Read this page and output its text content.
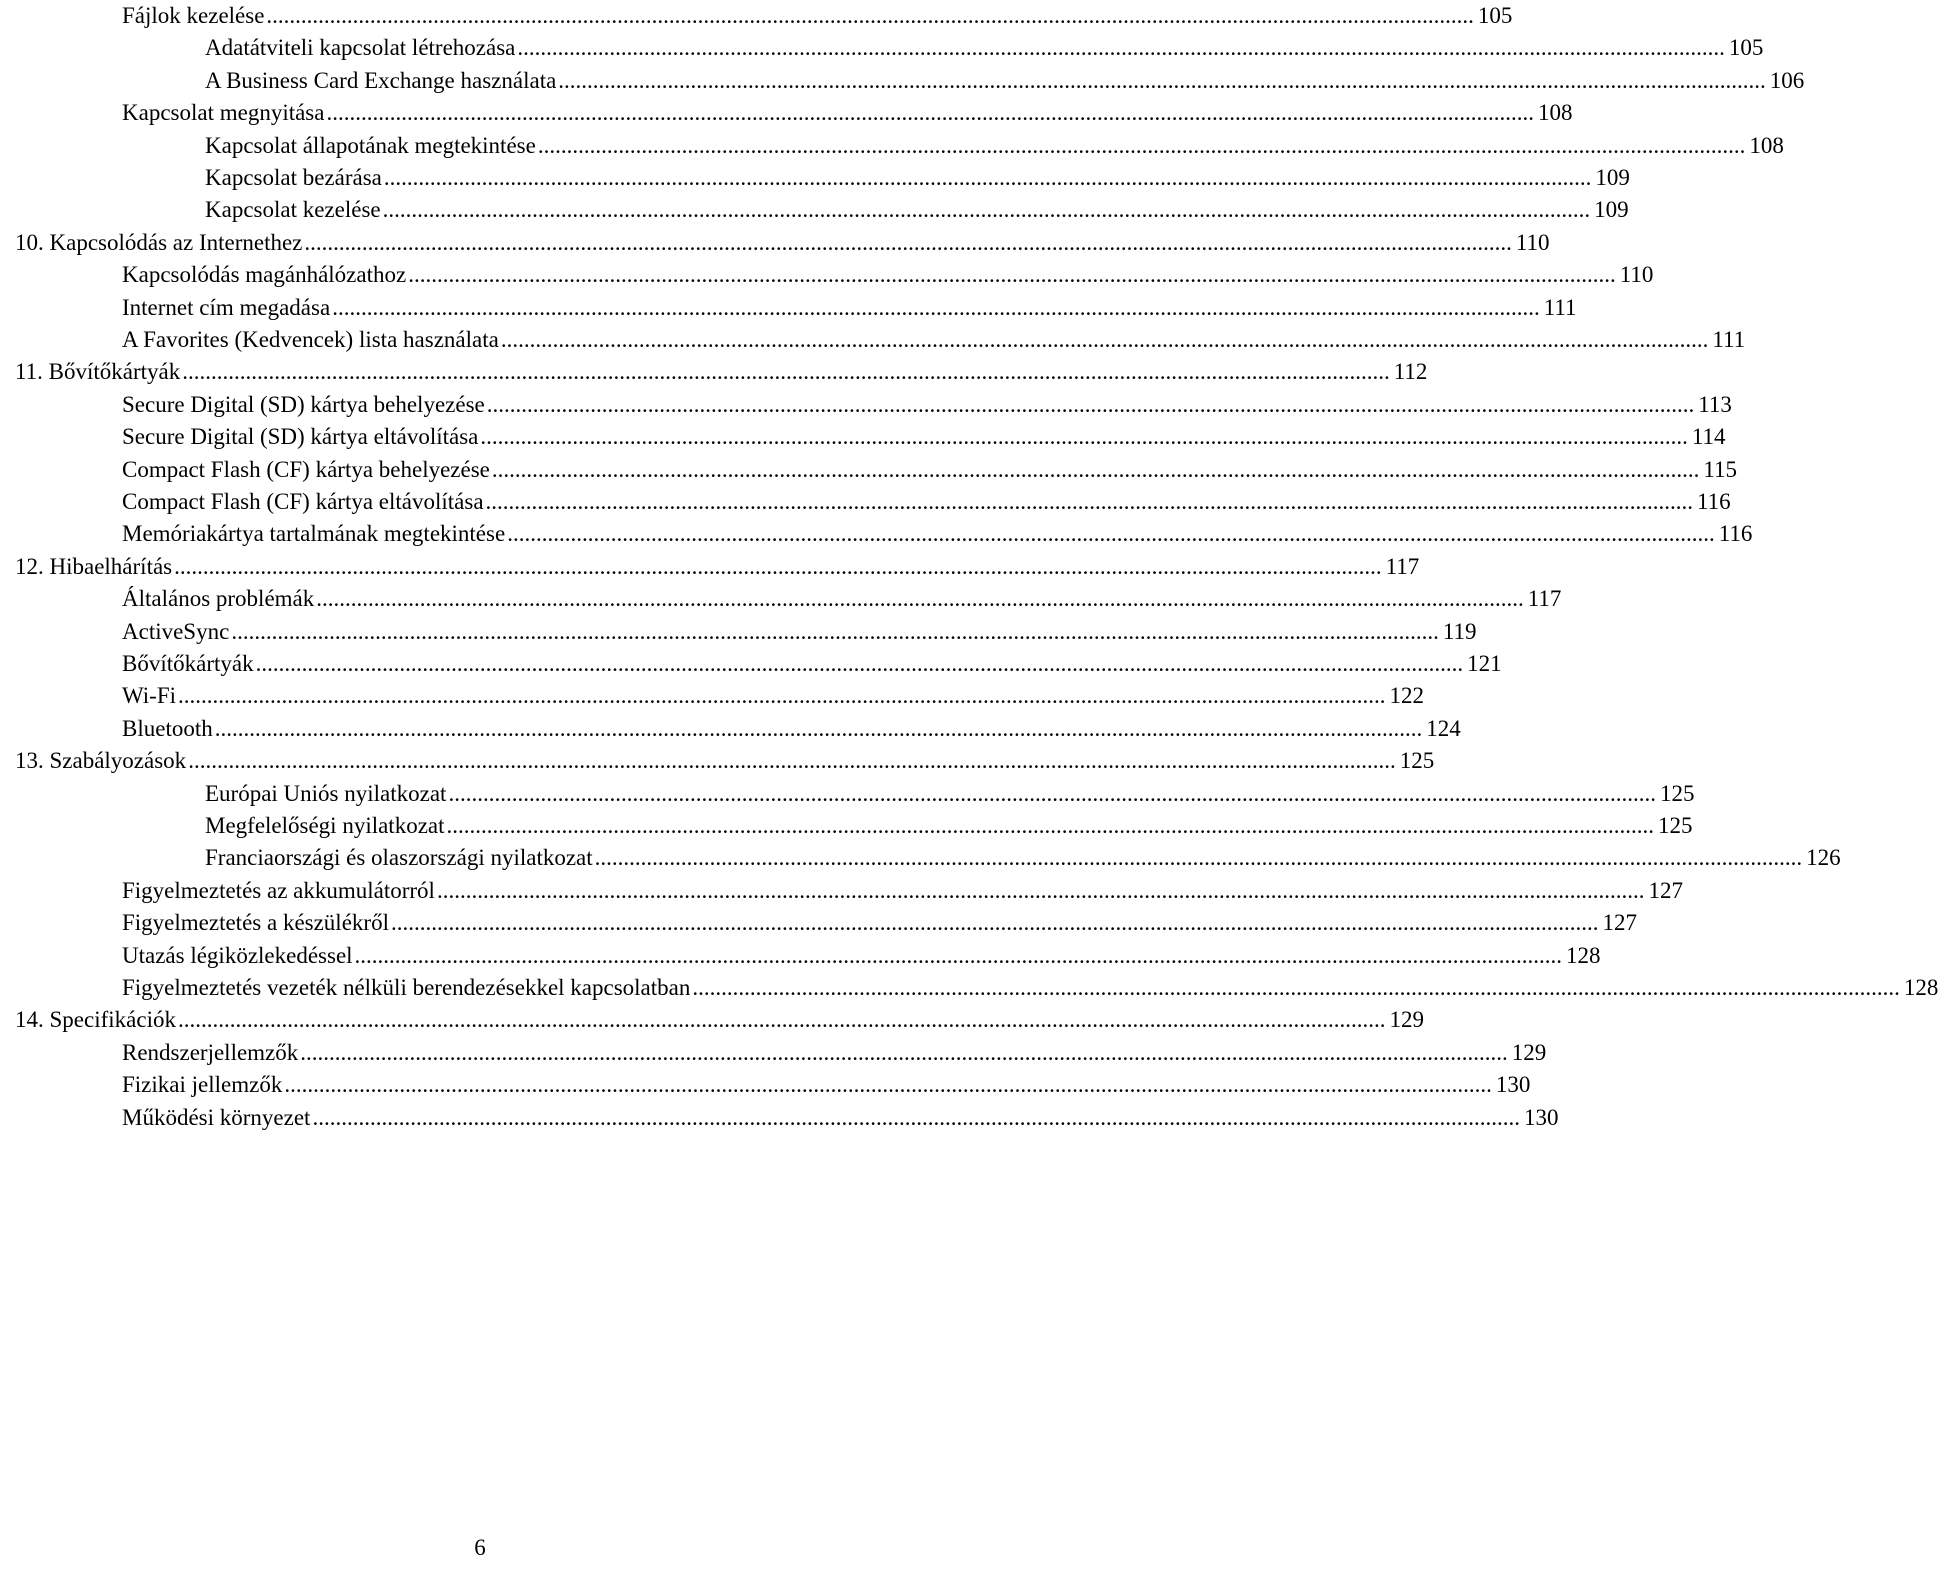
Fájlok kezelése .................................................................................................................................................................................................................. 105
Adatátviteli kapcsolat létrehozása .................................................................................................................................................................................................................. 105
A Business Card Exchange használata .................................................................................................................................................................................................................. 106
Kapcsolat megnyitása .................................................................................................................................................................................................................. 108
Kapcsolat állapotának megtekintése .................................................................................................................................................................................................................. 108
Kapcsolat bezárása .................................................................................................................................................................................................................. 109
Kapcsolat kezelése .................................................................................................................................................................................................................. 109
10. Kapcsolódás az Internethez .................................................................................................................................................................................................................. 110
Kapcsolódás magánhálózathoz .................................................................................................................................................................................................................. 110
Internet cím megadása .................................................................................................................................................................................................................. 111
A Favorites (Kedvencek) lista használata .................................................................................................................................................................................................................. 111
11. Bővítőkártyák .................................................................................................................................................................................................................. 112
Secure Digital (SD) kártya behelyezése .................................................................................................................................................................................................................. 113
Secure Digital (SD) kártya eltávolítása .................................................................................................................................................................................................................. 114
Compact Flash (CF) kártya behelyezése .................................................................................................................................................................................................................. 115
Compact Flash (CF) kártya eltávolítása .................................................................................................................................................................................................................. 116
Memóriakártya tartalmának megtekintése .................................................................................................................................................................................................................. 116
12. Hibaelhárítás .................................................................................................................................................................................................................. 117
Általános problémák .................................................................................................................................................................................................................. 117
ActiveSync .................................................................................................................................................................................................................. 119
Bővítőkártyák .................................................................................................................................................................................................................. 121
Wi-Fi .................................................................................................................................................................................................................. 122
Bluetooth .................................................................................................................................................................................................................. 124
13. Szabályozások .................................................................................................................................................................................................................. 125
Európai Uniós nyilatkozat .................................................................................................................................................................................................................. 125
Megfelelőségi nyilatkozat .................................................................................................................................................................................................................. 125
Franciaországi és olaszországi nyilatkozat .................................................................................................................................................................................................................. 126
Figyelmeztetés az akkumulátorról .................................................................................................................................................................................................................. 127
Figyelmeztetés a készülékről .................................................................................................................................................................................................................. 127
Utazás légiközlekedéssel .................................................................................................................................................................................................................. 128
Figyelmeztetés vezeték nélküli berendezésekkel kapcsolatban .................................................................................................................................................................................................................. 128
14. Specifikációk .................................................................................................................................................................................................................. 129
Rendszerjellemzők .................................................................................................................................................................................................................. 129
Fizikai jellemzők .................................................................................................................................................................................................................. 130
Működési környezet .................................................................................................................................................................................................................. 130
6
